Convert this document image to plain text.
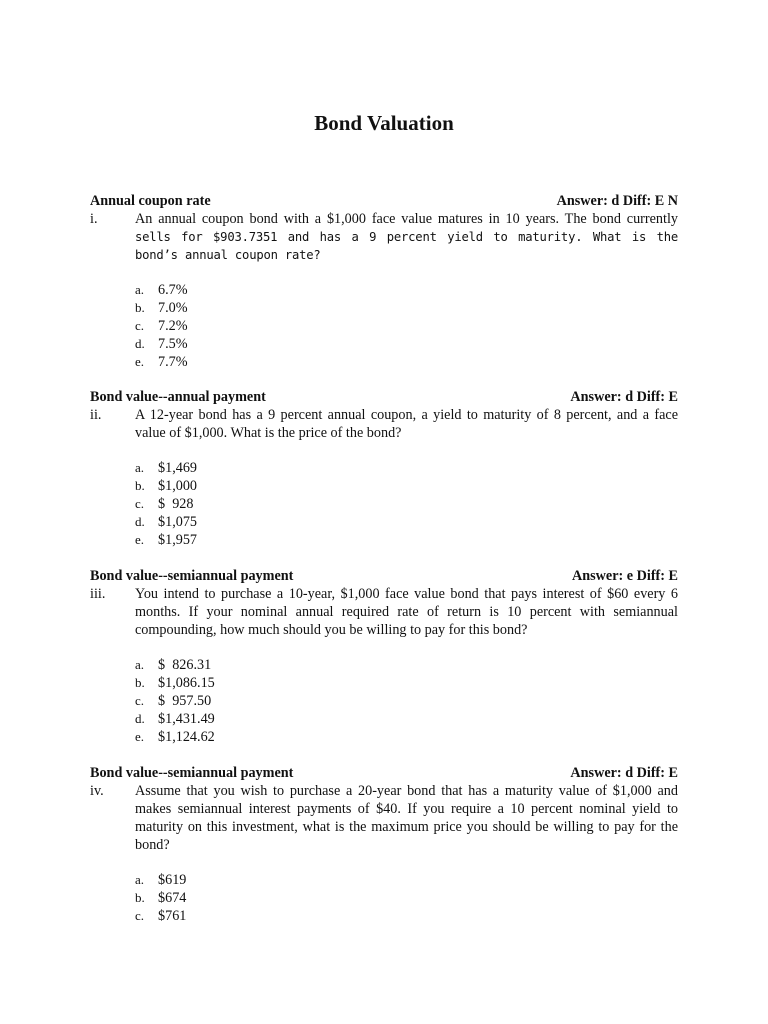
Bond Valuation
Annual coupon rate	Answer: d Diff: E N
i.	An annual coupon bond with a $1,000 face value matures in 10 years. The bond currently sells for $903.7351 and has a 9 percent yield to maturity. What is the bond’s annual coupon rate?
a. 6.7%
b. 7.0%
c. 7.2%
d. 7.5%
e. 7.7%
Bond value--annual payment	Answer: d Diff: E
ii.	A 12-year bond has a 9 percent annual coupon, a yield to maturity of 8 percent, and a face value of $1,000. What is the price of the bond?
a. $1,469
b. $1,000
c. $  928
d. $1,075
e. $1,957
Bond value--semiannual payment	Answer: e Diff: E
iii.	You intend to purchase a 10-year, $1,000 face value bond that pays interest of $60 every 6 months. If your nominal annual required rate of return is 10 percent with semiannual compounding, how much should you be willing to pay for this bond?
a. $  826.31
b. $1,086.15
c. $  957.50
d. $1,431.49
e. $1,124.62
Bond value--semiannual payment	Answer: d Diff: E
iv.	Assume that you wish to purchase a 20-year bond that has a maturity value of $1,000 and makes semiannual interest payments of $40. If you require a 10 percent nominal yield to maturity on this investment, what is the maximum price you should be willing to pay for the bond?
a. $619
b. $674
c. $761
